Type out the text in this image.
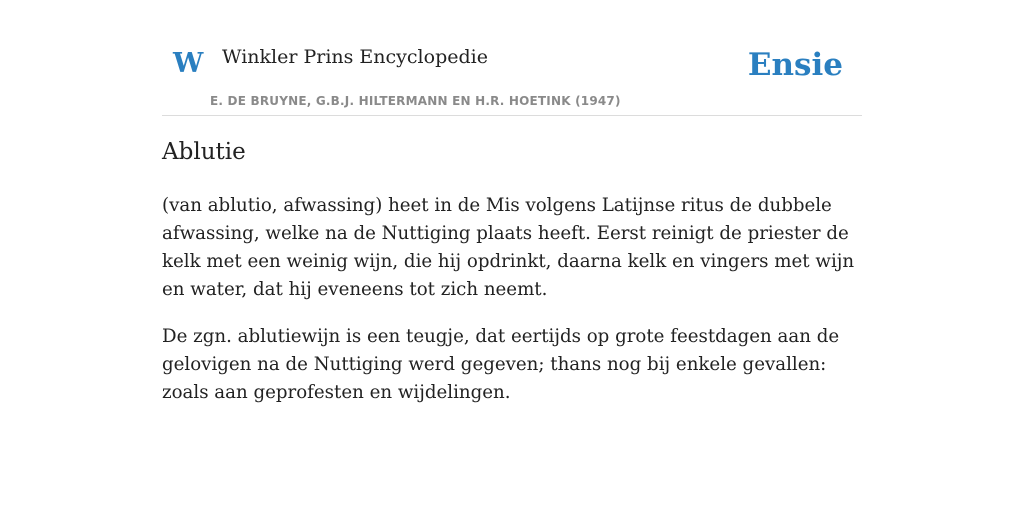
W Winkler Prins Encyclopedie
E. DE BRUYNE, G.B.J. HILTERMANN EN H.R. HOETINK (1947)
Ensie
Ablutie

(van ablutio, afwassing) heet in de Mis volgens Latijnse ritus de dubbele afwassing, welke na de Nuttiging plaats heeft. Eerst reinigt de priester de kelk met een weinig wijn, die hij opdrinkt, daarna kelk en vingers met wijn en water, dat hij eveneens tot zich neemt.

De zgn. ablutiewijn is een teugje, dat eertijds op grote feestdagen aan de gelovigen na de Nuttiging werd gegeven; thans nog bij enkele gevallen: zoals aan geprofesten en wijdelingen.
